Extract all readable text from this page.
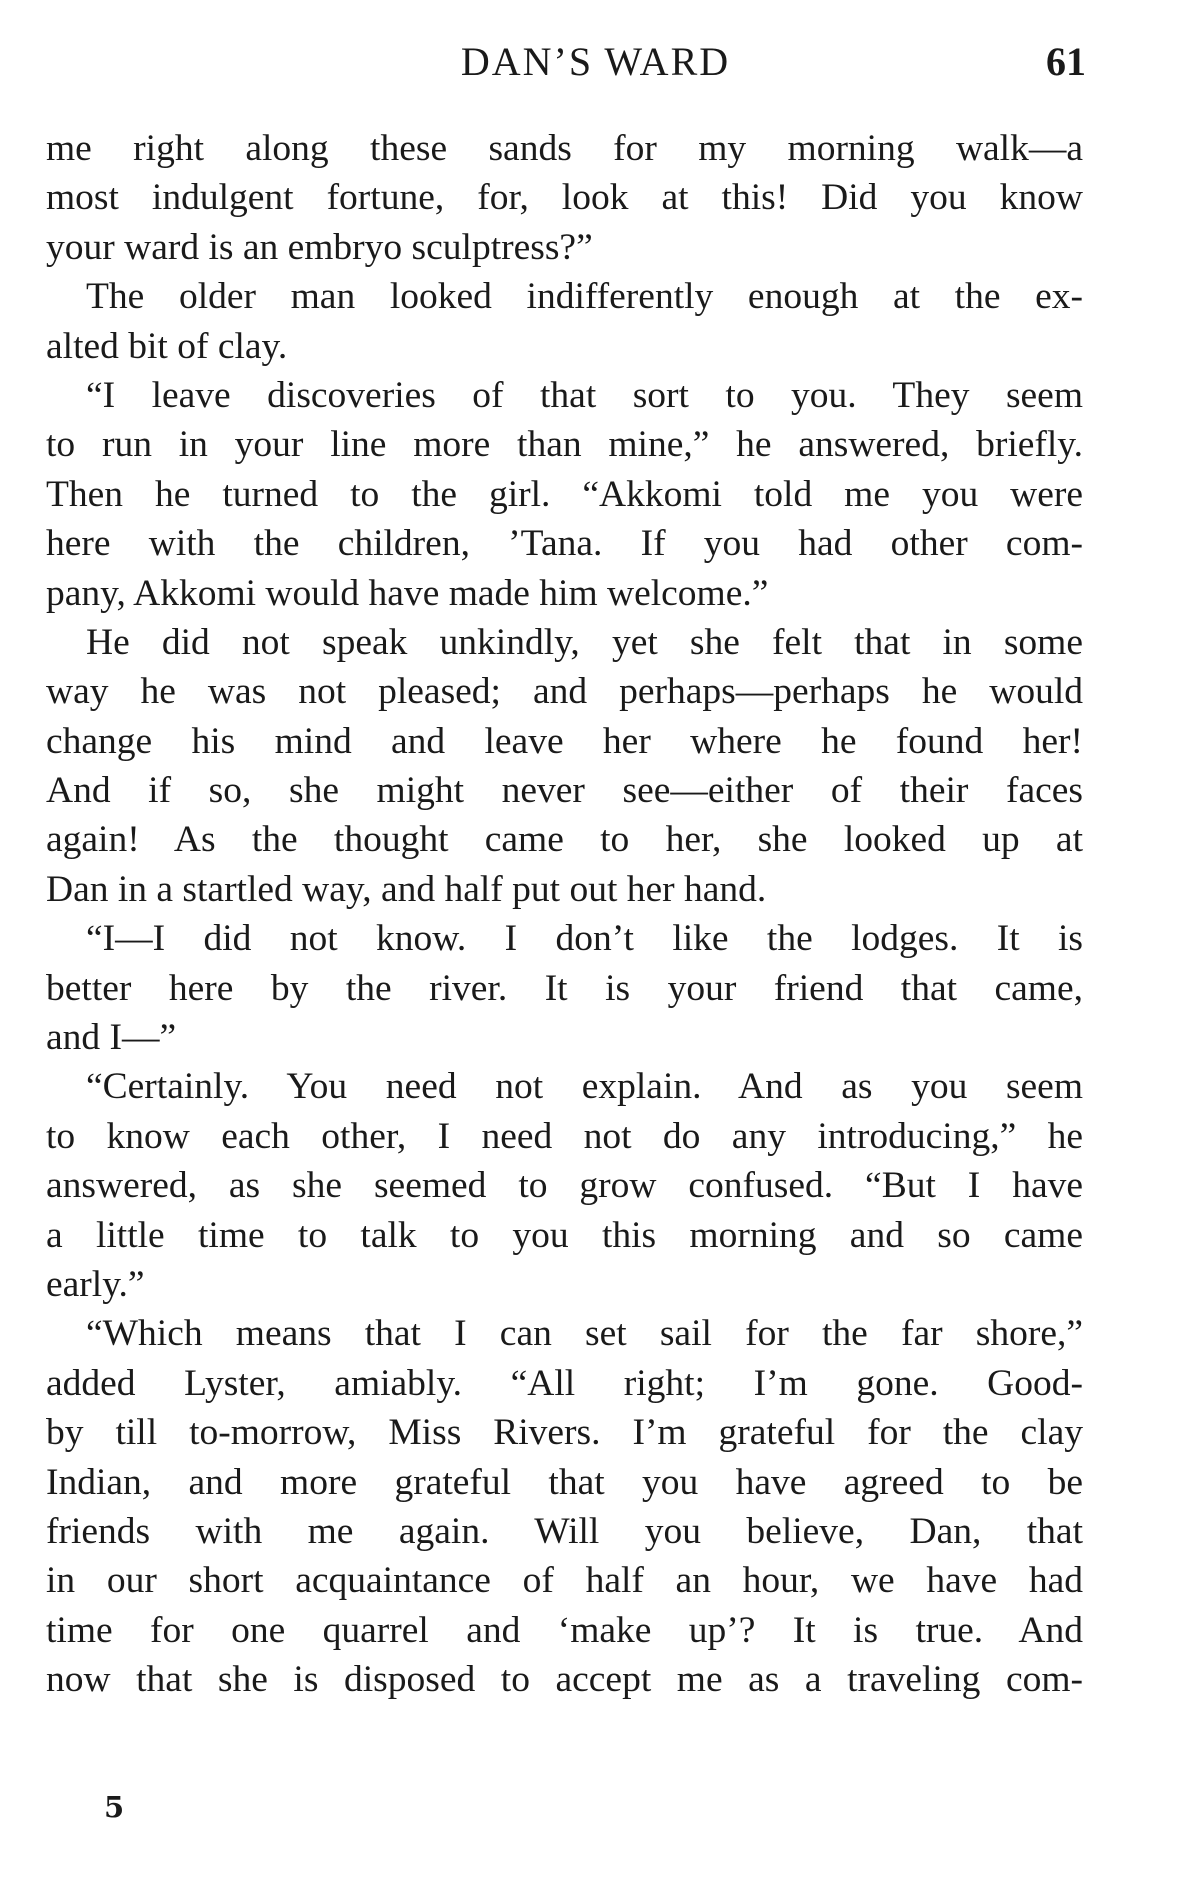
DAN’S WARD	61
me right along these sands for my morning walk—a
most indulgent fortune, for, look at this! Did you know
your ward is an embryo sculptress?”
The older man looked indifferently enough at the ex-
alted bit of clay.
“I leave discoveries of that sort to you. They seem
to run in your line more than mine,” he answered, briefly.
Then he turned to the girl. “Akkomi told me you were
here with the children, ’Tana. If you had other com-
pany, Akkomi would have made him welcome.”
He did not speak unkindly, yet she felt that in some
way he was not pleased; and perhaps—perhaps he would
change his mind and leave her where he found her!
And if so, she might never see—either of their faces
again! As the thought came to her, she looked up at
Dan in a startled way, and half put out her hand.
“I—I did not know. I don’t like the lodges. It is
better here by the river. It is your friend that came,
and I—”
“Certainly. You need not explain. And as you seem
to know each other, I need not do any introducing,” he
answered, as she seemed to grow confused. “But I have
a little time to talk to you this morning and so came
early.”
“Which means that I can set sail for the far shore,”
added Lyster, amiably. “All right; I’m gone. Good-
by till to-morrow, Miss Rivers. I’m grateful for the clay
Indian, and more grateful that you have agreed to be
friends with me again. Will you believe, Dan, that
in our short acquaintance of half an hour, we have had
time for one quarrel and ‘make up’? It is true. And
now that she is disposed to accept me as a traveling com-
5
